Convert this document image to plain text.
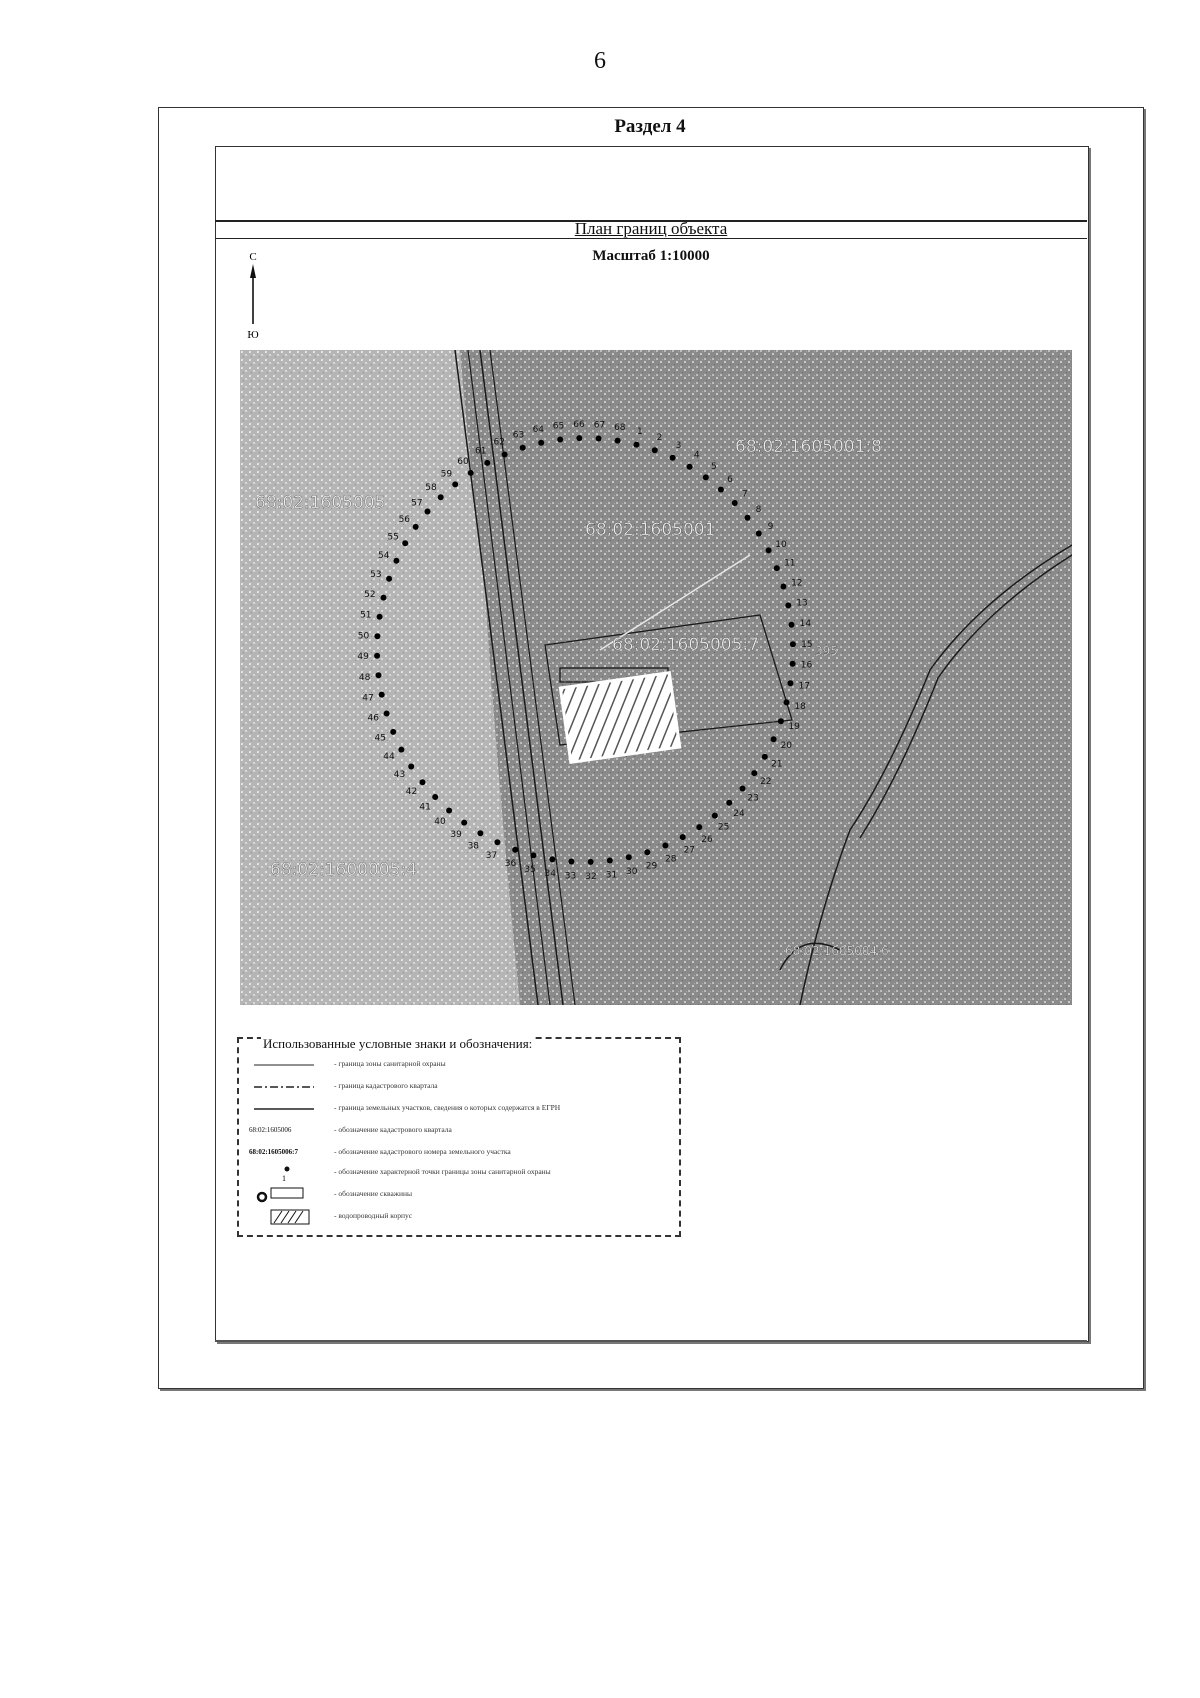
6
Раздел 4
План границ объекта
Масштаб 1:10000
С
Ю
68:02:1605001:8
68:02:1605001
68:02:1605005
68:02:1605005:7
68:02:1600005:4
68:02:1605004:6
395
1
2
3
4
5
6
7
8
9
10
11
12
13
14
15
16
17
18
19
20
21
22
23
24
25
26
27
28
29
30
31
32
33
34
35
36
37
38
39
40
41
42
43
44
45
46
47
48
49
50
51
52
53
54
55
56
57
58
59
60
61
62
63
64 65 66 67 68
Использованные условные знаки и обозначения:
- граница зоны санитарной охраны
- граница кадастрового квартала
- граница земельных участков, сведения о которых содержатся в ЕГРН
68:02:1605006	- обозначение кадастрового квартала
68:02:1605006:7	- обозначение кадастрового номера земельного участка
1
- обозначение характерной точки границы зоны санитарной охраны
- обозначение скважины
- водопроводный корпус
